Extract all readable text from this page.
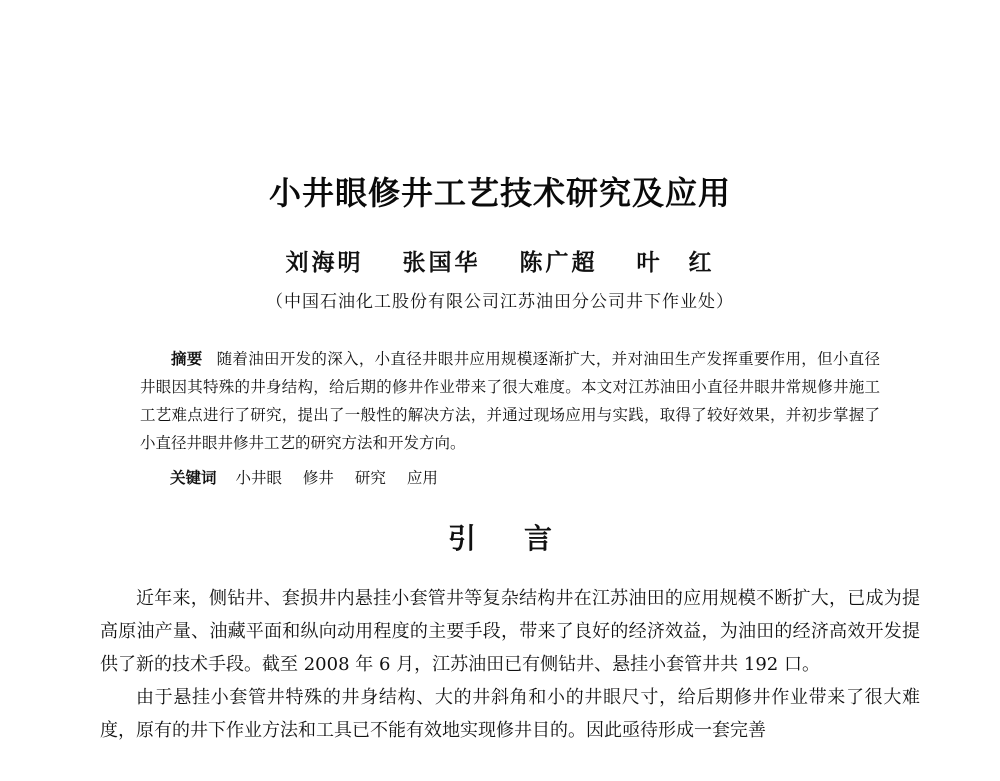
小井眼修井工艺技术研究及应用
刘海明 张国华 陈广超 叶　红
（中国石油化工股份有限公司江苏油田分公司井下作业处）
摘要 随着油田开发的深入，小直径井眼井应用规模逐渐扩大，并对油田生产发挥重要作用，但小直径井眼因其特殊的井身结构，给后期的修井作业带来了很大难度。本文对江苏油田小直径井眼井常规修井施工工艺难点进行了研究，提出了一般性的解决方法，并通过现场应用与实践，取得了较好效果，并初步掌握了小直径井眼井修井工艺的研究方法和开发方向。
关键词 小井眼 修井 研究 应用
引言

近年来，侧钻井、套损井内悬挂小套管井等复杂结构井在江苏油田的应用规模不断扩大，已成为提高原油产量、油藏平面和纵向动用程度的主要手段，带来了良好的经济效益，为油田的经济高效开发提供了新的技术手段。截至 2008 年 6 月，江苏油田已有侧钻井、悬挂小套管井共 192 口。

由于悬挂小套管井特殊的井身结构、大的井斜角和小的井眼尺寸，给后期修井作业带来了很大难度，原有的井下作业方法和工具已不能有效地实现修井目的。因此亟待形成一套完善
